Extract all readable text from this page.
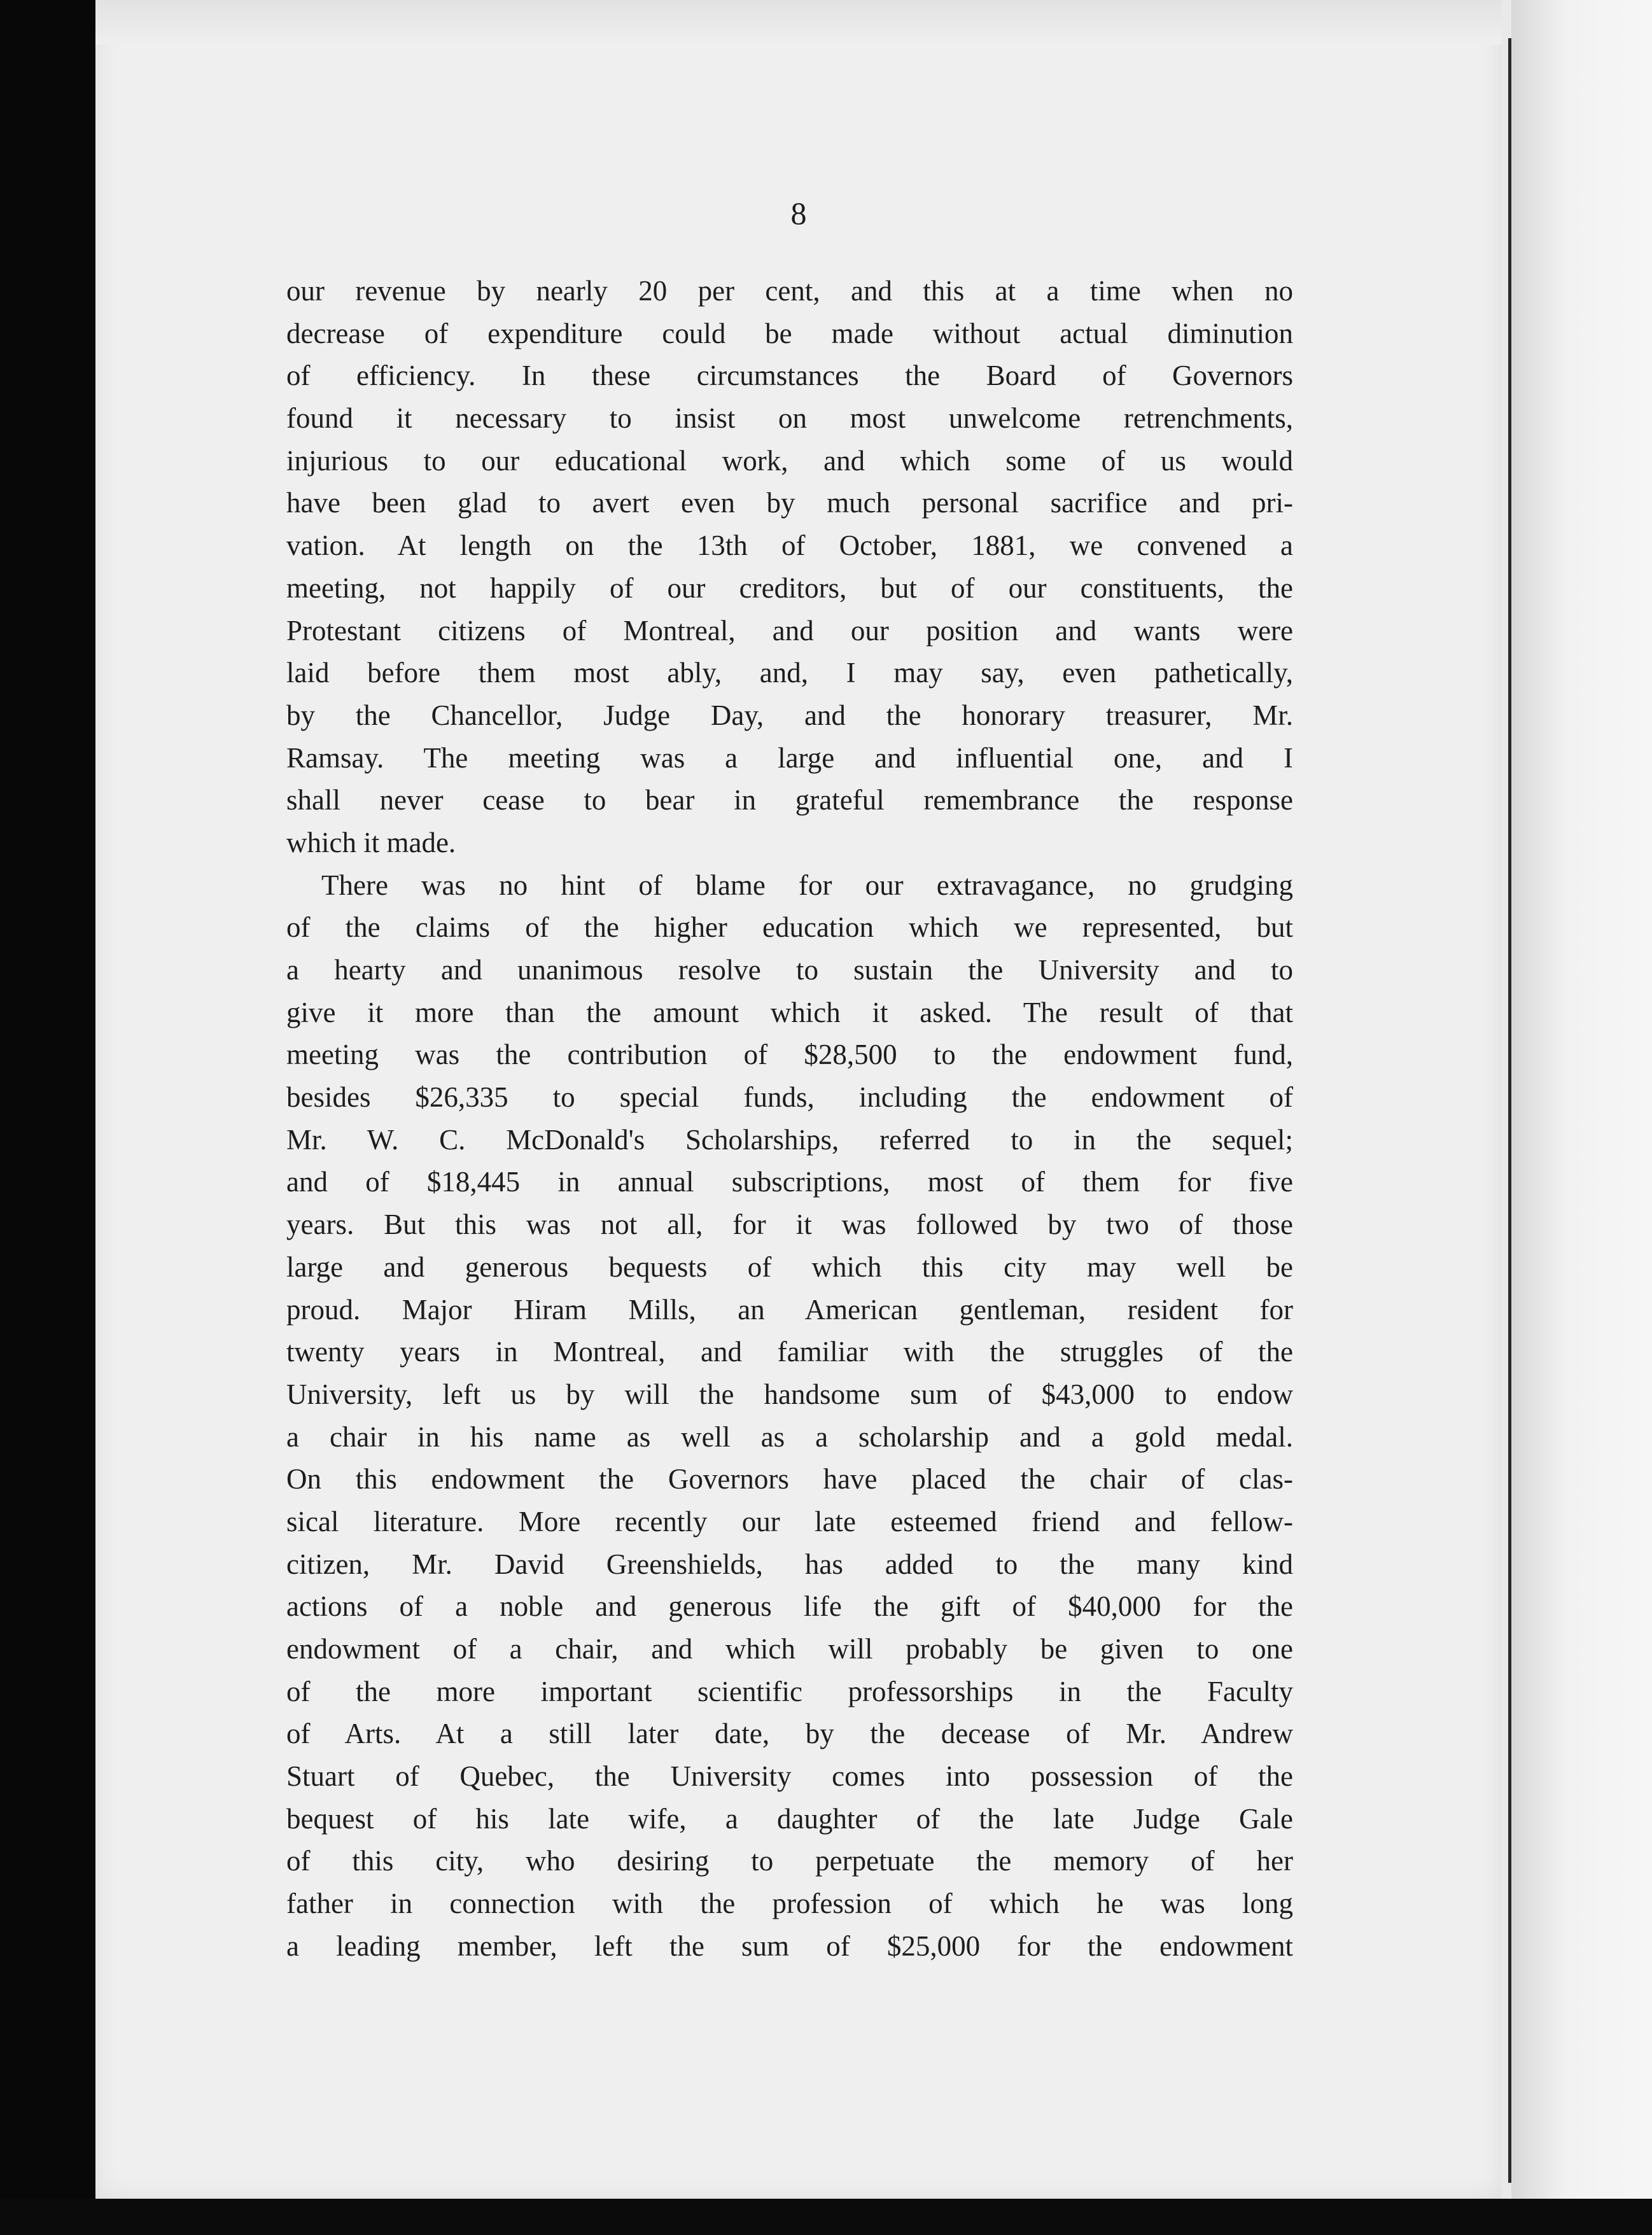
8
our revenue by nearly 20 per cent, and this at a time when no
decrease of expenditure could be made without actual diminution
of efficiency. In these circumstances the Board of Governors
found it necessary to insist on most unwelcome retrenchments,
injurious to our educational work, and which some of us would
have been glad to avert even by much personal sacrifice and pri-
vation. At length on the 13th of October, 1881, we convened a
meeting, not happily of our creditors, but of our constituents, the
Protestant citizens of Montreal, and our position and wants were
laid before them most ably, and, I may say, even pathetically,
by the Chancellor, Judge Day, and the honorary treasurer, Mr.
Ramsay. The meeting was a large and influential one, and I
shall never cease to bear in grateful remembrance the response
which it made.
There was no hint of blame for our extravagance, no grudging
of the claims of the higher education which we represented, but
a hearty and unanimous resolve to sustain the University and to
give it more than the amount which it asked. The result of that
meeting was the contribution of $28,500 to the endowment fund,
besides $26,335 to special funds, including the endowment of
Mr. W. C. McDonald's Scholarships, referred to in the sequel;
and of $18,445 in annual subscriptions, most of them for five
years. But this was not all, for it was followed by two of those
large and generous bequests of which this city may well be
proud. Major Hiram Mills, an American gentleman, resident for
twenty years in Montreal, and familiar with the struggles of the
University, left us by will the handsome sum of $43,000 to endow
a chair in his name as well as a scholarship and a gold medal.
On this endowment the Governors have placed the chair of clas-
sical literature. More recently our late esteemed friend and fellow-
citizen, Mr. David Greenshields, has added to the many kind
actions of a noble and generous life the gift of $40,000 for the
endowment of a chair, and which will probably be given to one
of the more important scientific professorships in the Faculty
of Arts. At a still later date, by the decease of Mr. Andrew
Stuart of Quebec, the University comes into possession of the
bequest of his late wife, a daughter of the late Judge Gale
of this city, who desiring to perpetuate the memory of her
father in connection with the profession of which he was long
a leading member, left the sum of $25,000 for the endowment
